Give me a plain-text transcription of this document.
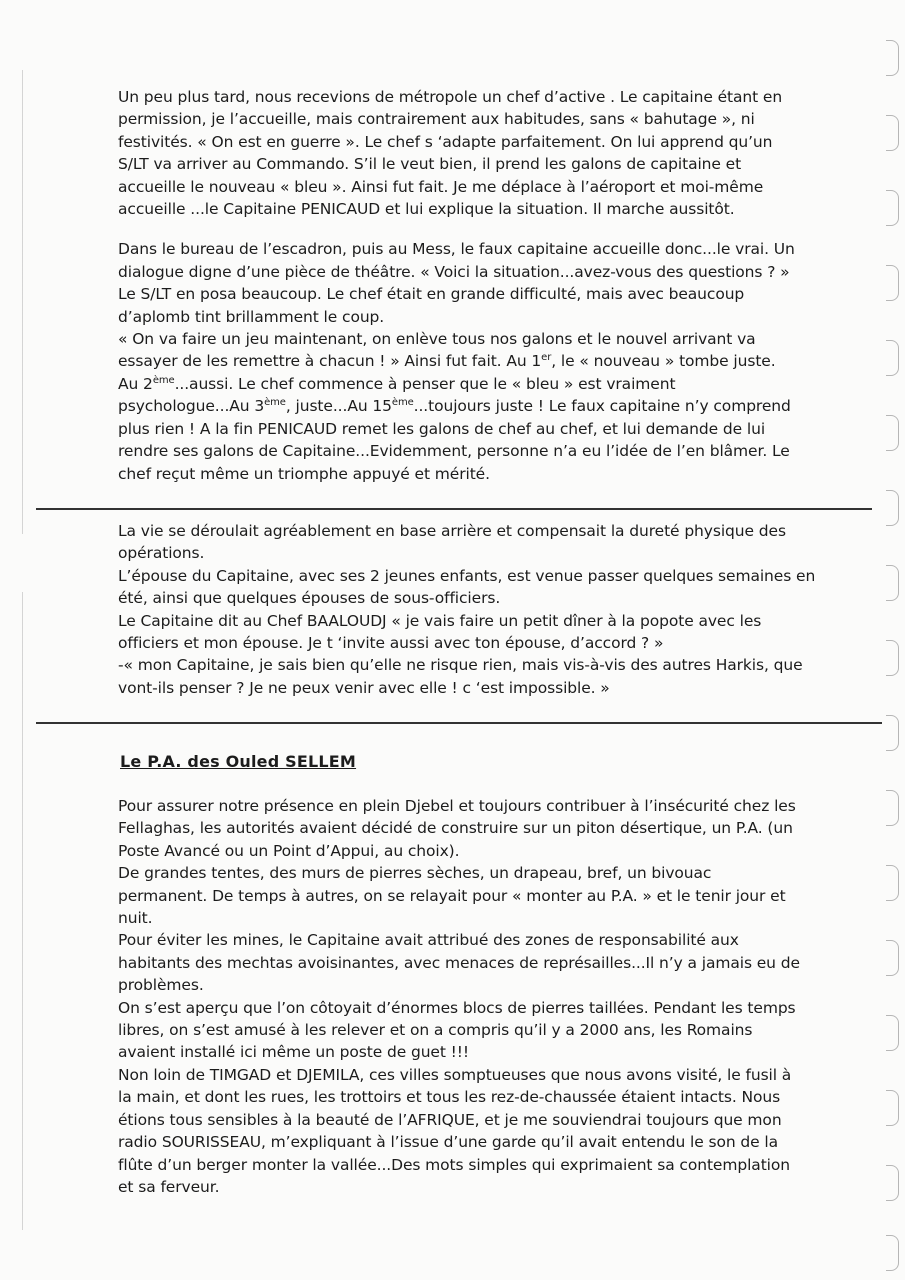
Un peu plus tard, nous recevions de métropole un chef d’active . Le capitaine étant en permission, je l’accueille, mais contrairement aux habitudes, sans « bahutage », ni festivités. « On est en guerre ». Le chef s ‘adapte parfaitement. On lui apprend qu’un S/LT va arriver au Commando. S’il le veut bien, il prend les galons de capitaine et accueille le nouveau « bleu ». Ainsi fut fait. Je me déplace à l’aéroport et moi-même accueille ...le Capitaine PENICAUD et lui explique la situation. Il marche aussitôt.

Dans le bureau de l’escadron, puis au Mess, le faux capitaine accueille donc...le vrai. Un dialogue digne d’une pièce de théâtre. « Voici la situation...avez-vous des questions ? » Le S/LT en posa beaucoup. Le chef était en grande difficulté, mais avec beaucoup d’aplomb tint brillamment le coup.

« On va faire un jeu maintenant, on enlève tous nos galons et le nouvel arrivant va essayer de les remettre à chacun ! » Ainsi fut fait. Au 1er, le « nouveau » tombe juste. Au 2ème...aussi. Le chef commence à penser que le « bleu » est vraiment psychologue...Au 3ème, juste...Au 15ème...toujours juste ! Le faux capitaine n’y comprend plus rien ! A la fin PENICAUD remet les galons de chef au chef, et lui demande de lui rendre ses galons de Capitaine...Evidemment, personne n’a eu l’idée de l’en blâmer. Le chef reçut même un triomphe appuyé et mérité.

La vie se déroulait agréablement en base arrière et compensait la dureté physique des opérations.

L’épouse du Capitaine, avec ses 2 jeunes enfants, est venue passer quelques semaines en été, ainsi que quelques épouses de sous-officiers.

Le Capitaine dit au Chef BAALOUDJ « je vais faire un petit dîner à la popote avec les officiers et mon épouse. Je t ‘invite aussi avec ton épouse, d’accord ? »

-« mon Capitaine, je sais bien qu’elle ne risque rien, mais vis-à-vis des autres Harkis, que vont-ils penser ? Je ne peux venir avec elle ! c ‘est impossible. »

Le P.A. des Ouled SELLEM

Pour assurer notre présence en plein Djebel et toujours contribuer à l’insécurité chez les Fellaghas, les autorités avaient décidé de construire sur un piton désertique, un P.A. (un Poste Avancé ou un Point d’Appui, au choix).

De grandes tentes, des murs de pierres sèches, un drapeau, bref, un bivouac permanent. De temps à autres, on se relayait pour « monter au P.A. » et le tenir jour et nuit.

Pour éviter les mines, le Capitaine avait attribué des zones de responsabilité aux habitants des mechtas avoisinantes, avec menaces de représailles...Il n’y a jamais eu de problèmes.

On s’est aperçu que l’on côtoyait d’énormes blocs de pierres taillées. Pendant les temps libres, on s’est amusé à les relever et on a compris qu’il y a 2000 ans, les Romains avaient installé ici même un poste de guet !!!

Non loin de TIMGAD et DJEMILA, ces villes somptueuses que nous avons visité, le fusil à la main, et dont les rues, les trottoirs et tous les rez-de-chaussée étaient intacts. Nous étions tous sensibles à la beauté de l’AFRIQUE, et je me souviendrai toujours que mon radio SOURISSEAU, m’expliquant à l’issue d’une garde qu’il avait entendu le son de la flûte d’un berger monter la vallée...Des mots simples qui exprimaient sa contemplation et sa ferveur.
